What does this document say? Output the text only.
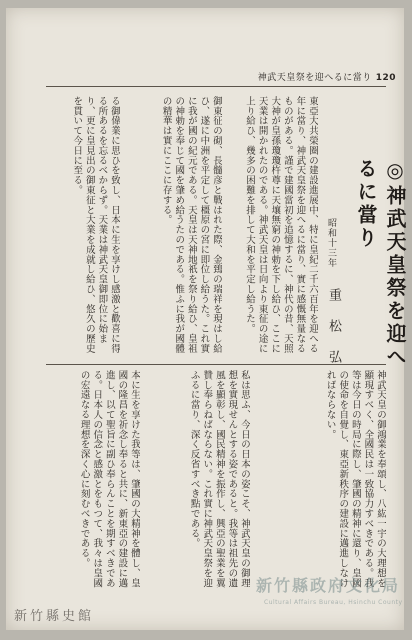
神武天皇祭を迎へるに當り 120
◎神武天皇祭を迎へるに當り
昭和十三年
重松弘
東亞大共榮圈の建設進展中、特に皇紀二千六百年を迎へる年に當り、神武天皇祭を迎へるに當り、實に感慨無量なるものがある。謹で建國當初を追憶するに、神代の昔、天照大神が皇孫瓊瓊杵尊に天壤無窮の神勅を下し給ひ、ここに天業は開かれたのである。神武天皇は日向より東征の途に上り給ひ、幾多の困難を排して大和を平定し給うた。
御東征の砌、長髓彦と戰はれた際、金鵄の瑞祥を現はし給ひ、遂に中洲を平定して橿原の宮に即位し給うた。これ實に我が國の紀元である。天皇は天神地祇を祭り給ひ、皇祖の神勅を奉じて國を肇め給うたのである。惟ふに我が國體の精華は實にここに存する。
る御偉業に思ひを致し、日本に生を享けし感激と歡喜に得る所あるを忘るべからず。天業は神武天皇御即位に始まり、更に皇見出の御東征と大業を成就し給ひ、悠久の歷史を貫いて今日に至る。
神武天皇の御鴻業を奉頌し、八紘一宇の大理想を顯現すべく、全國民は一致協力すべきである。我等は今日の時局に際し、肇國の精神に還り、皇國の使命を自覺し、東亞新秩序の建設に邁進しなければならない。
私は思ふ、今日の日本の姿こそ、神武天皇の御理想を實現せんとする姿であると。我等は祖先の遺風を顯彰し、國民精神を振作し、興亞の聖業を翼贊し奉らねばならない。これ實に神武天皇祭を迎ふるに當り、深く反省すべき點である。
本に生を享けた我等は、肇國の大精神を體し、皇國の隆昌を祈念し奉ると共に、新東亞の建設に邁進し、以て聖旨に副ひ奉らんことを期すべきである。日本人の信念と感激とをもつて、我々は皇國の宏遠なる理想を深く心に刻むべきである。
新竹縣政府文化局
Cultural Affairs Bureau, Hsinchu County
新竹縣史館
